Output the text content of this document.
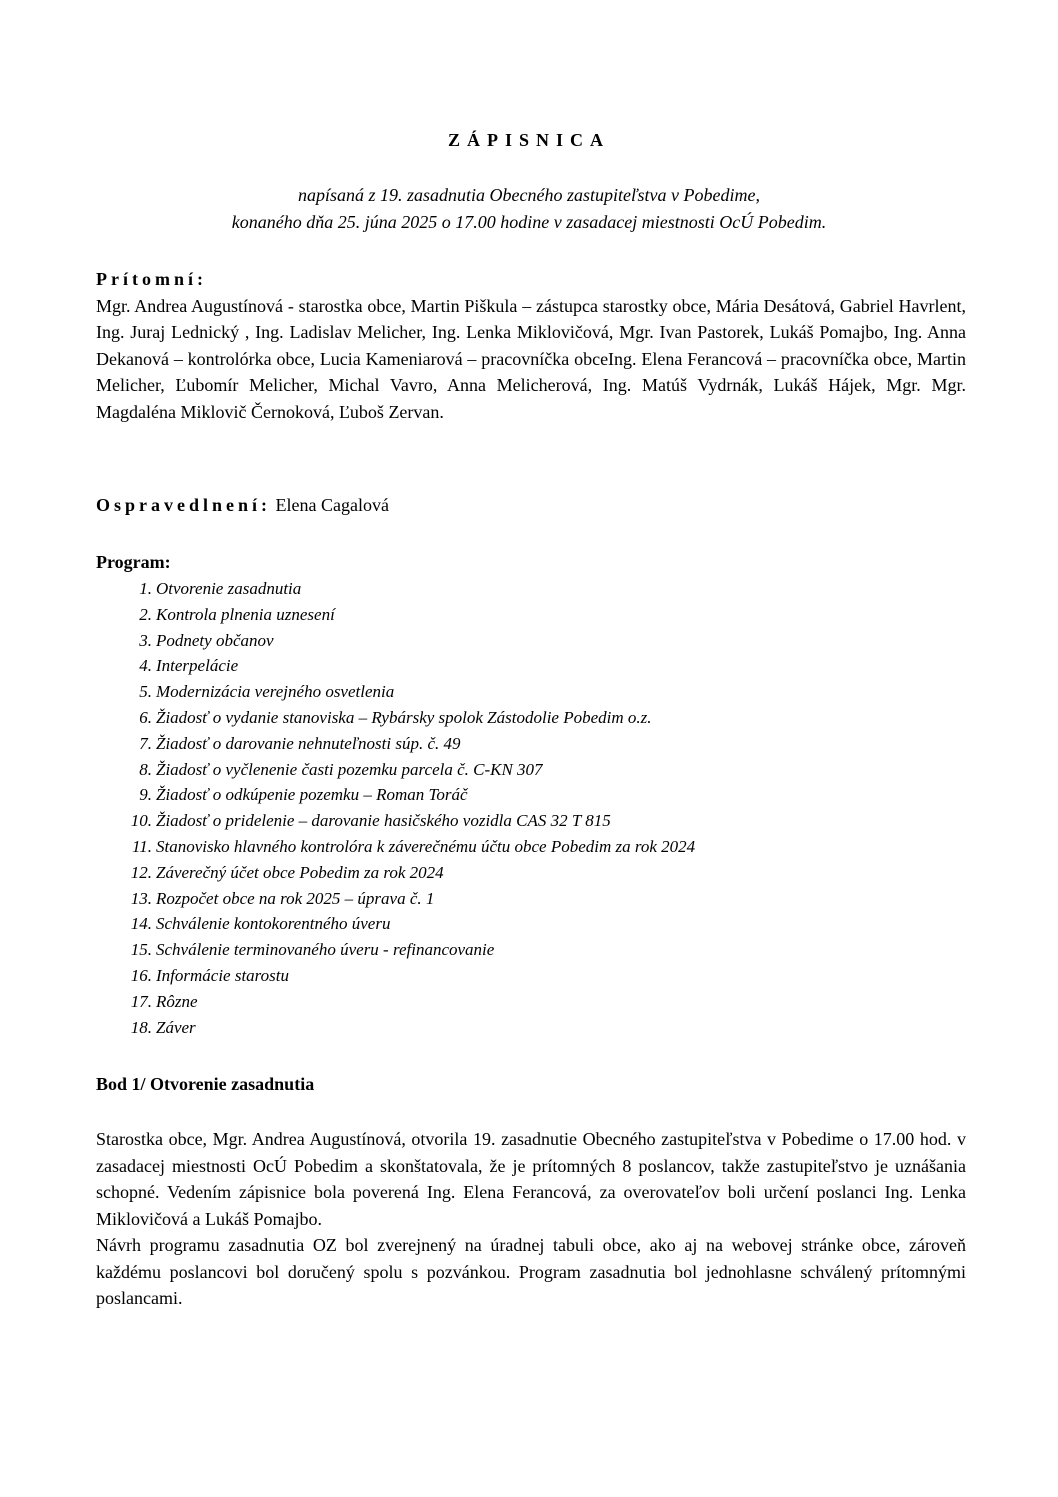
ZÁPISNICA
napísaná z 19. zasadnutia Obecného zastupiteľstva v Pobedime,
konaného dňa 25. júna 2025 o 17.00 hodine v zasadacej miestnosti OcÚ Pobedim.
Prítomní:
Mgr. Andrea Augustínová - starostka obce, Martin Piškula – zástupca starostky obce, Mária Desátová, Gabriel Havrlent, Ing. Juraj Lednický , Ing. Ladislav Melicher, Ing. Lenka Miklovičová, Mgr. Ivan Pastorek, Lukáš Pomajbo, Ing. Anna Dekanová – kontrolórka obce, Lucia Kameniarová – pracovníčka obceIng. Elena Ferancová – pracovníčka obce, Martin Melicher, Ľubomír Melicher, Michal Vavro, Anna Melicherová, Ing. Matúš Vydrnák, Lukáš Hájek, Mgr. Mgr. Magdaléna Miklovič Černoková, Ľuboš Zervan.
Ospravedlnení: Elena Cagalová
Program:
1. Otvorenie zasadnutia
2. Kontrola plnenia uznesení
3. Podnety občanov
4. Interpelácie
5. Modernizácia verejného osvetlenia
6. Žiadosť o vydanie stanoviska – Rybársky spolok Zástodolie Pobedim o.z.
7. Žiadosť o darovanie nehnuteľnosti súp. č. 49
8. Žiadosť o vyčlenenie časti pozemku parcela č. C-KN 307
9. Žiadosť o odkúpenie pozemku – Roman Toráč
10. Žiadosť o pridelenie – darovanie hasičského vozidla CAS 32 T 815
11. Stanovisko hlavného kontrolóra k záverečnému účtu obce Pobedim za rok 2024
12. Záverečný účet obce Pobedim za rok 2024
13. Rozpočet obce na rok 2025 – úprava č. 1
14. Schválenie kontokorentného úveru
15. Schválenie terminovaného úveru - refinancovanie
16. Informácie starostu
17. Rôzne
18. Záver
Bod 1/ Otvorenie zasadnutia
Starostka obce, Mgr. Andrea Augustínová, otvorila 19. zasadnutie Obecného zastupiteľstva v Pobedime o 17.00 hod. v zasadacej miestnosti OcÚ Pobedim a skonštatovala, že je prítomných 8 poslancov, takže zastupiteľstvo je uznášania schopné. Vedením zápisnice bola poverená Ing. Elena Ferancová, za overovateľov boli určení poslanci Ing. Lenka Miklovičová a Lukáš Pomajbo.
Návrh programu zasadnutia OZ bol zverejnený na úradnej tabuli obce, ako aj na webovej stránke obce, zároveň každému poslancovi bol doručený spolu s pozvánkou. Program zasadnutia bol jednohlasne schválený prítomnými poslancami.
